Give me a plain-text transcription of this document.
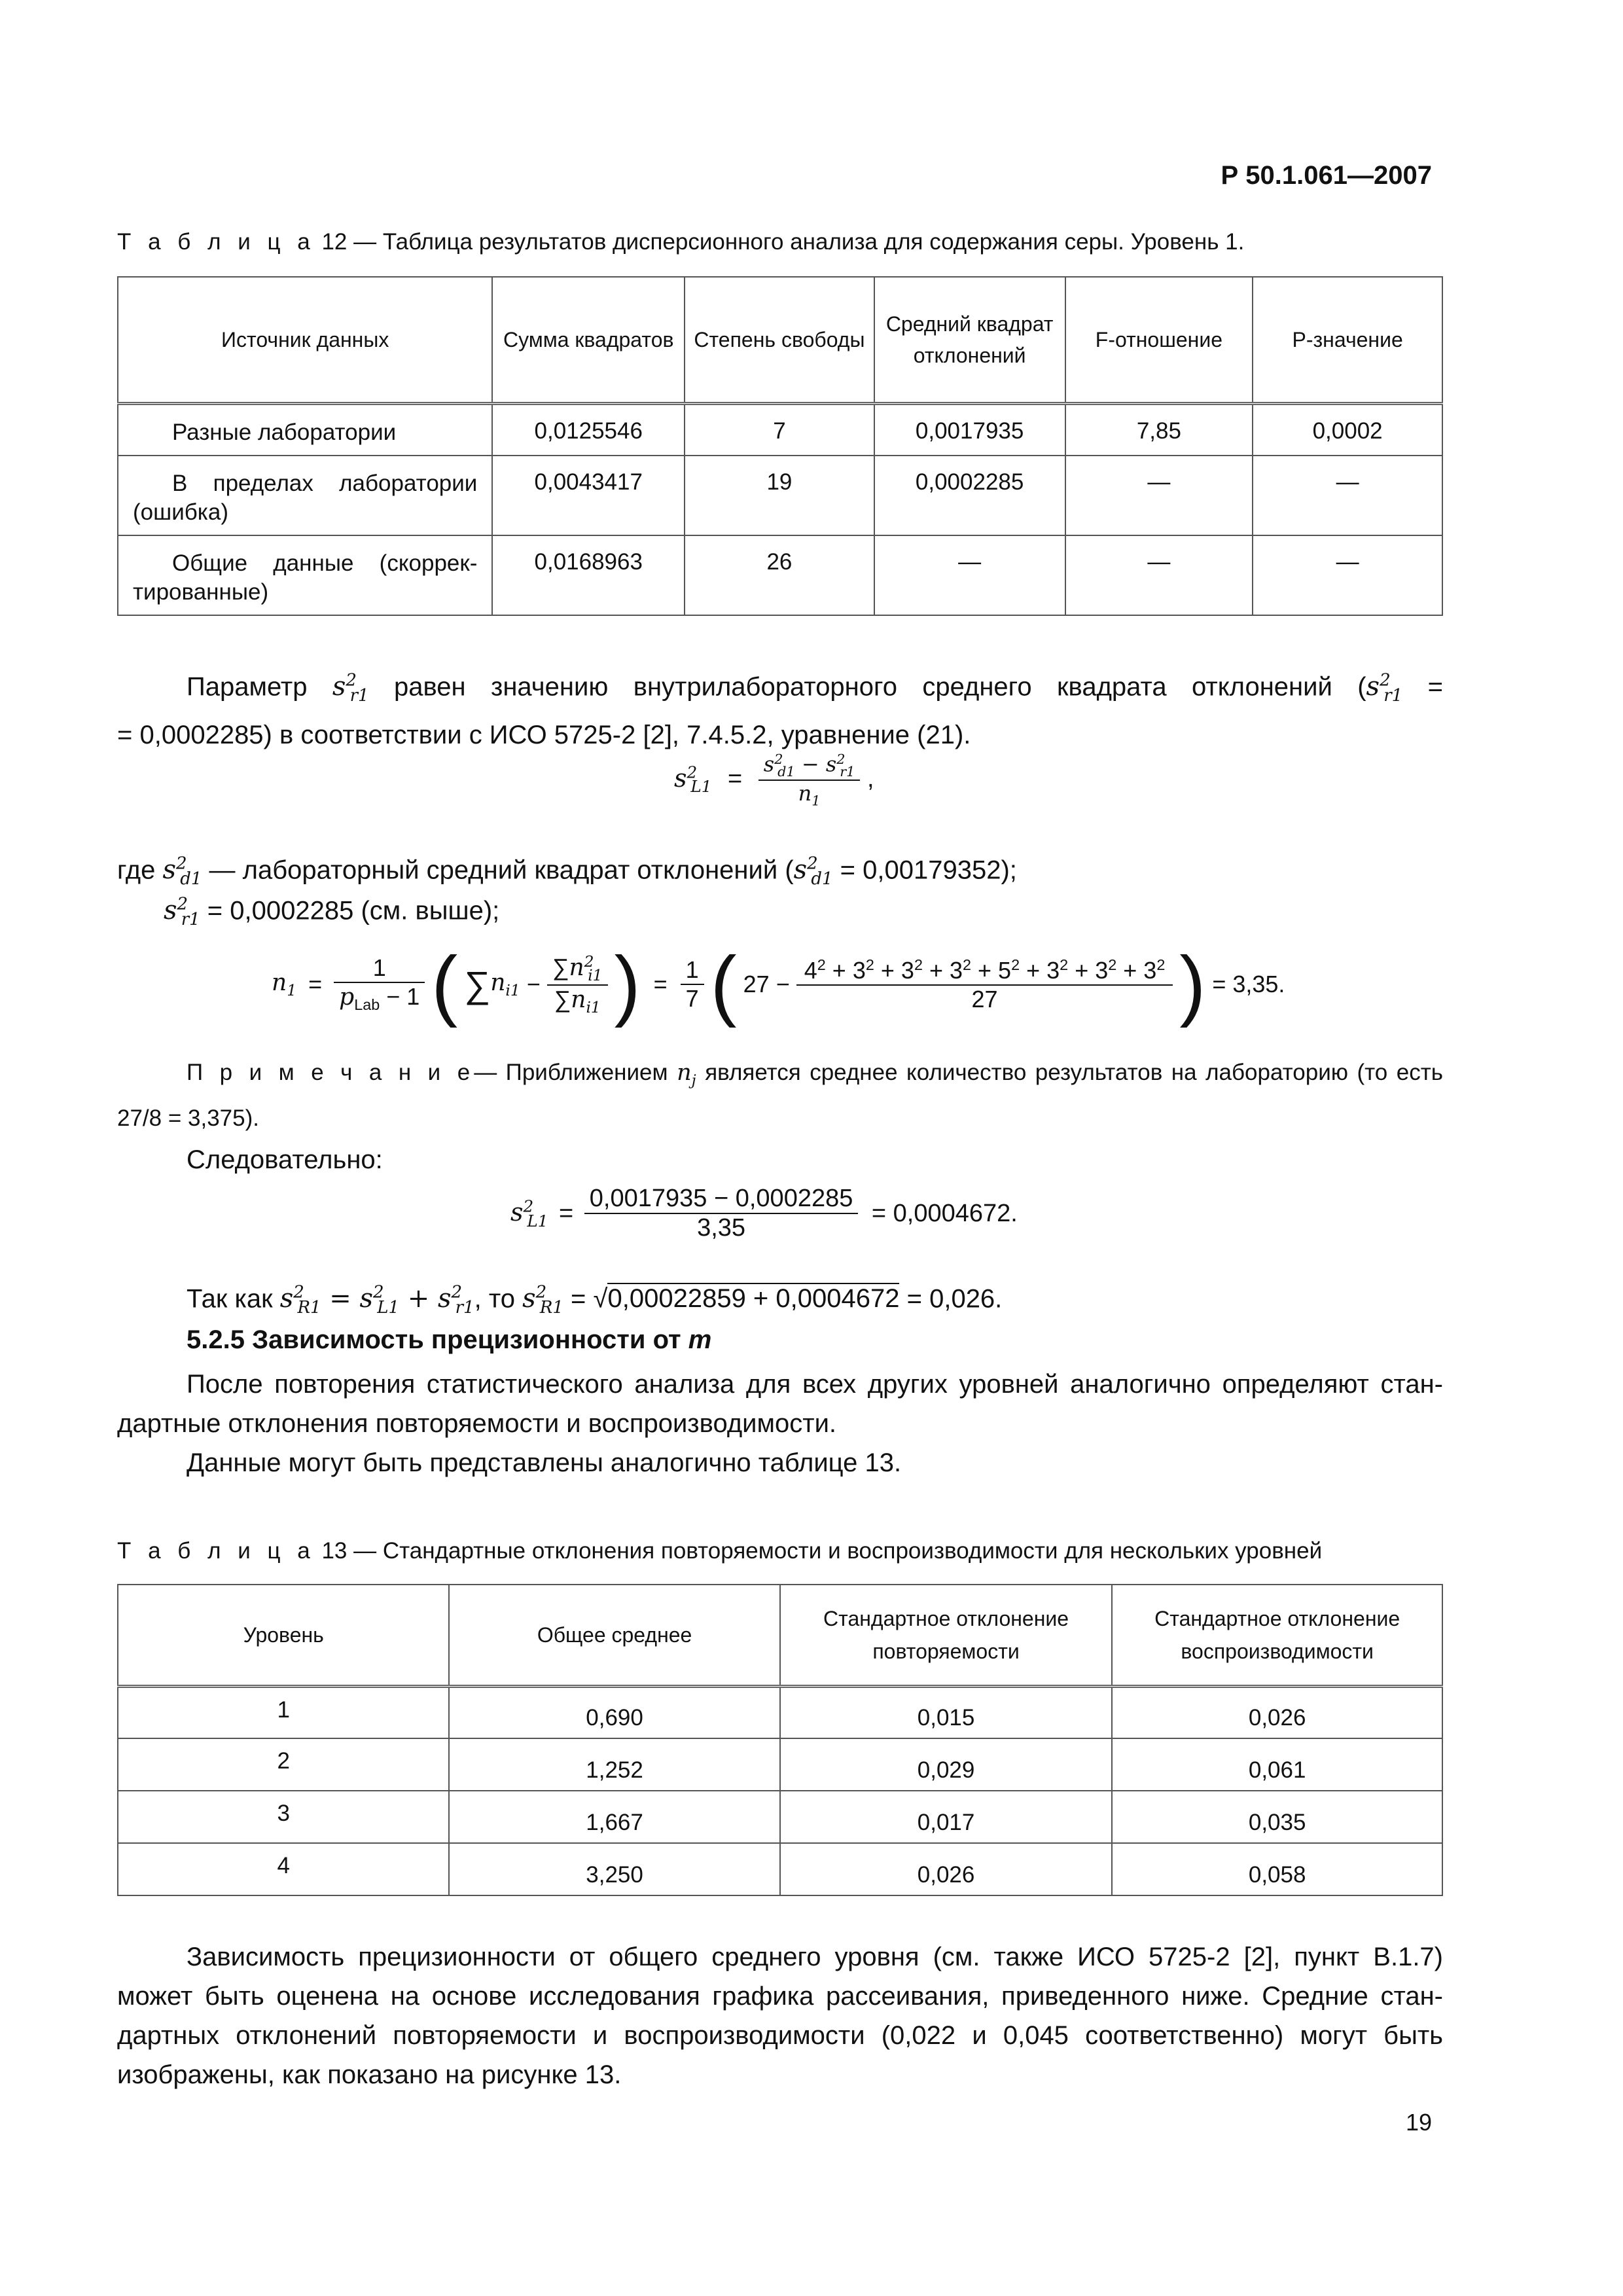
Р 50.1.061—2007
Т а б л и ц а 12 — Таблица результатов дисперсионного анализа для содержания серы. Уровень 1.
Источник данных	Сумма квадратов	Степень свободы	Средний квадрат отклонений	F-отношение	P-значение
Разные лаборатории	0,0125546	7	0,0017935	7,85	0,0002
В пределах лаборатории (ошибка)	0,0043417	19	0,0002285	—	—
Общие данные (скоррек-тированные)	0,0168963	26	—	—	—
Параметр $s^2_{r1}$ равен значению внутрилабораторного среднего квадрата отклонений ($s^2_{r1}$ =
= 0,0002285) в соответствии с ИСО 5725-2 [2], 7.4.5.2, уравнение (21).
$s^2_{L1} = \frac{s^2_{d1} - s^2_{r1}}{n_1}$ ,
где $s^2_{d1}$ — лабораторный средний квадрат отклонений $(s^2_{d1} = 0,00179352)$;
$s^2_{r1} = 0,0002285$ (см. выше);
$n_1 = \frac{1}{p_{Lab} - 1}$ ( $\sum n_{i1} - \frac{\sum n^2_{i1}}{\sum n_{i1}}$ ) = $\frac{1}{7}$ ( $27 - \frac{4^2 + 3^2 + 3^2 + 3^2 + 5^2 + 3^2 + 3^2 + 3^2}{27}$ ) = 3,35.
П р и м е ч а н и е— Приближением $n_j$ является среднее количество результатов на лабораторию (то есть
27/8 = 3,375).
Следовательно:
$s^2_{L1} = \frac{0,0017935 - 0,0002285}{3,35} = 0,0004672$.
Так как $s^2_{R1} = s^2_{L1} + s^2_{r1}$, то $s^2_{R1} = √0,00022859 + 0,0004672 = 0,026$.
5.2.5 Зависимость прецизионности от m
После повторения статистического анализа для всех других уровней аналогично определяют стан-
дартные отклонения повторяемости и воспроизводимости.
Данные могут быть представлены аналогично таблице 13.
Т а б л и ц а 13 — Стандартные отклонения повторяемости и воспроизводимости для нескольких уровней
Уровень	Общее среднее	Стандартное отклонение повторяемости	Стандартное отклонение воспроизводимости
1	0,690	0,015	0,026
2	1,252	0,029	0,061
3	1,667	0,017	0,035
4	3,250	0,026	0,058
Зависимость прецизионности от общего среднего уровня (см. также ИСО 5725-2 [2], пункт В.1.7)
может быть оценена на основе исследования графика рассеивания, приведенного ниже. Средние стан-
дартных отклонений повторяемости и воспроизводимости (0,022 и 0,045 соответственно) могут быть
изображены, как показано на рисунке 13.
19
